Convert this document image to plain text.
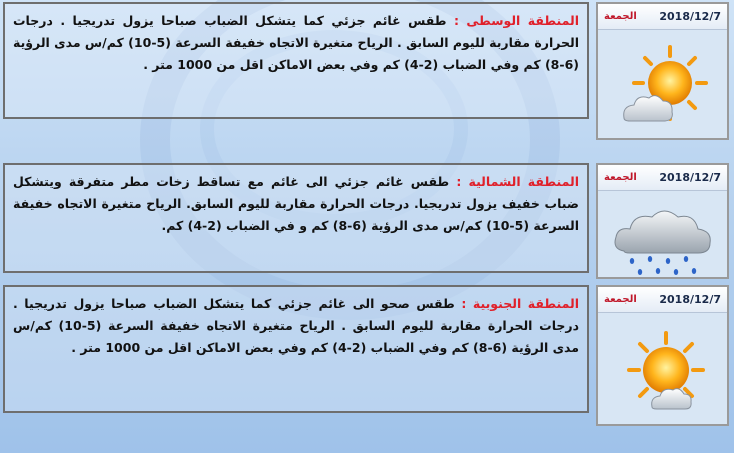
المنطقة الوسطى : طقس غائم جزئي كما يتشكل الضباب صباحا يزول تدريجيا . درجات الحرارة مقاربة لليوم السابق . الرياح متغيرة الاتجاه خفيفة السرعة (5-10) كم/س مدى الرؤية (6-8) كم وفي الضباب (2-4) كم وفي بعض الاماكن اقل من 1000 متر .
الجمعة 2018/12/7
المنطقة الشمالية : طقس غائم جزئي الى غائم مع تساقط زخات مطر متفرقة ويتشكل ضباب خفيف يزول تدريجيا. درجات الحرارة مقاربة لليوم السابق. الرياح متغيرة الاتجاه خفيفة السرعة (5-10) كم/س مدى الرؤية (6-8) كم و في الضباب (2-4) كم.
الجمعة 2018/12/7
المنطقة الجنوبية : طقس صحو الى غائم جزئي كما يتشكل الضباب صباحا يزول تدريجيا . درجات الحرارة مقاربة لليوم السابق . الرياح متغيرة الاتجاه خفيفة السرعة (5-10) كم/س مدى الرؤية (6-8) كم وفي الضباب (2-4) كم وفي بعض الاماكن اقل من 1000 متر .
الجمعة 2018/12/7
